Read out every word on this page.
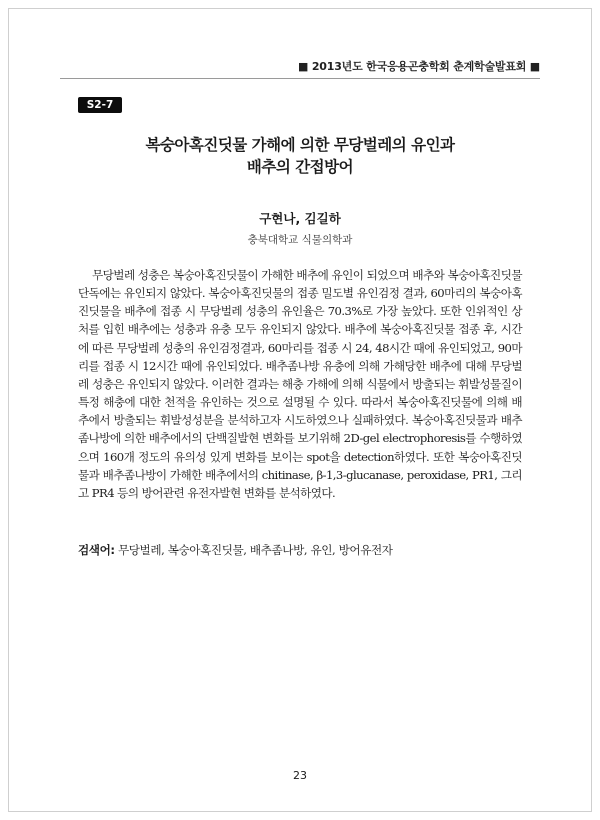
■ 2013년도 한국응용곤충학회 춘계학술발표회 ■
S2-7
복숭아혹진딧물 가해에 의한 무당벌레의 유인과
배추의 간접방어
구현나, 김길하
충북대학교 식물의학과

무당벌레 성충은 복숭아혹진딧물이 가해한 배추에 유인이 되었으며 배추와 복숭아혹진딧물 단독에는 유인되지 않았다. 복숭아혹진딧물의 접종 밀도별 유인검정 결과, 60마리의 복숭아혹진딧물을 배추에 접종 시 무당벌레 성충의 유인율은 70.3%로 가장 높았다. 또한 인위적인 상처를 입힌 배추에는 성충과 유충 모두 유인되지 않았다. 배추에 복숭아혹진딧물 접종 후, 시간에 따른 무당벌레 성충의 유인검정결과, 60마리를 접종 시 24, 48시간 때에 유인되었고, 90마리를 접종 시 12시간 때에 유인되었다. 배추좀나방 유충에 의해 가해당한 배추에 대해 무당벌레 성충은 유인되지 않았다. 이러한 결과는 해충 가해에 의해 식물에서 방출되는 휘발성물질이 특정 해충에 대한 천적을 유인하는 것으로 설명될 수 있다. 따라서 복숭아혹진딧물에 의해 배추에서 방출되는 휘발성성분을 분석하고자 시도하였으나 실패하였다. 복숭아혹진딧물과 배추좀나방에 의한 배추에서의 단백질발현 변화를 보기위해 2D-gel electrophoresis를 수행하였으며 160개 정도의 유의성 있게 변화를 보이는 spot을 detection하였다. 또한 복숭아혹진딧물과 배추좀나방이 가해한 배추에서의 chitinase, β-1,3-glucanase, peroxidase, PR1, 그리고 PR4 등의 방어관련 유전자발현 변화를 분석하였다.

검색어: 무당벌레, 복숭아혹진딧물, 배추좀나방, 유인, 방어유전자
23
